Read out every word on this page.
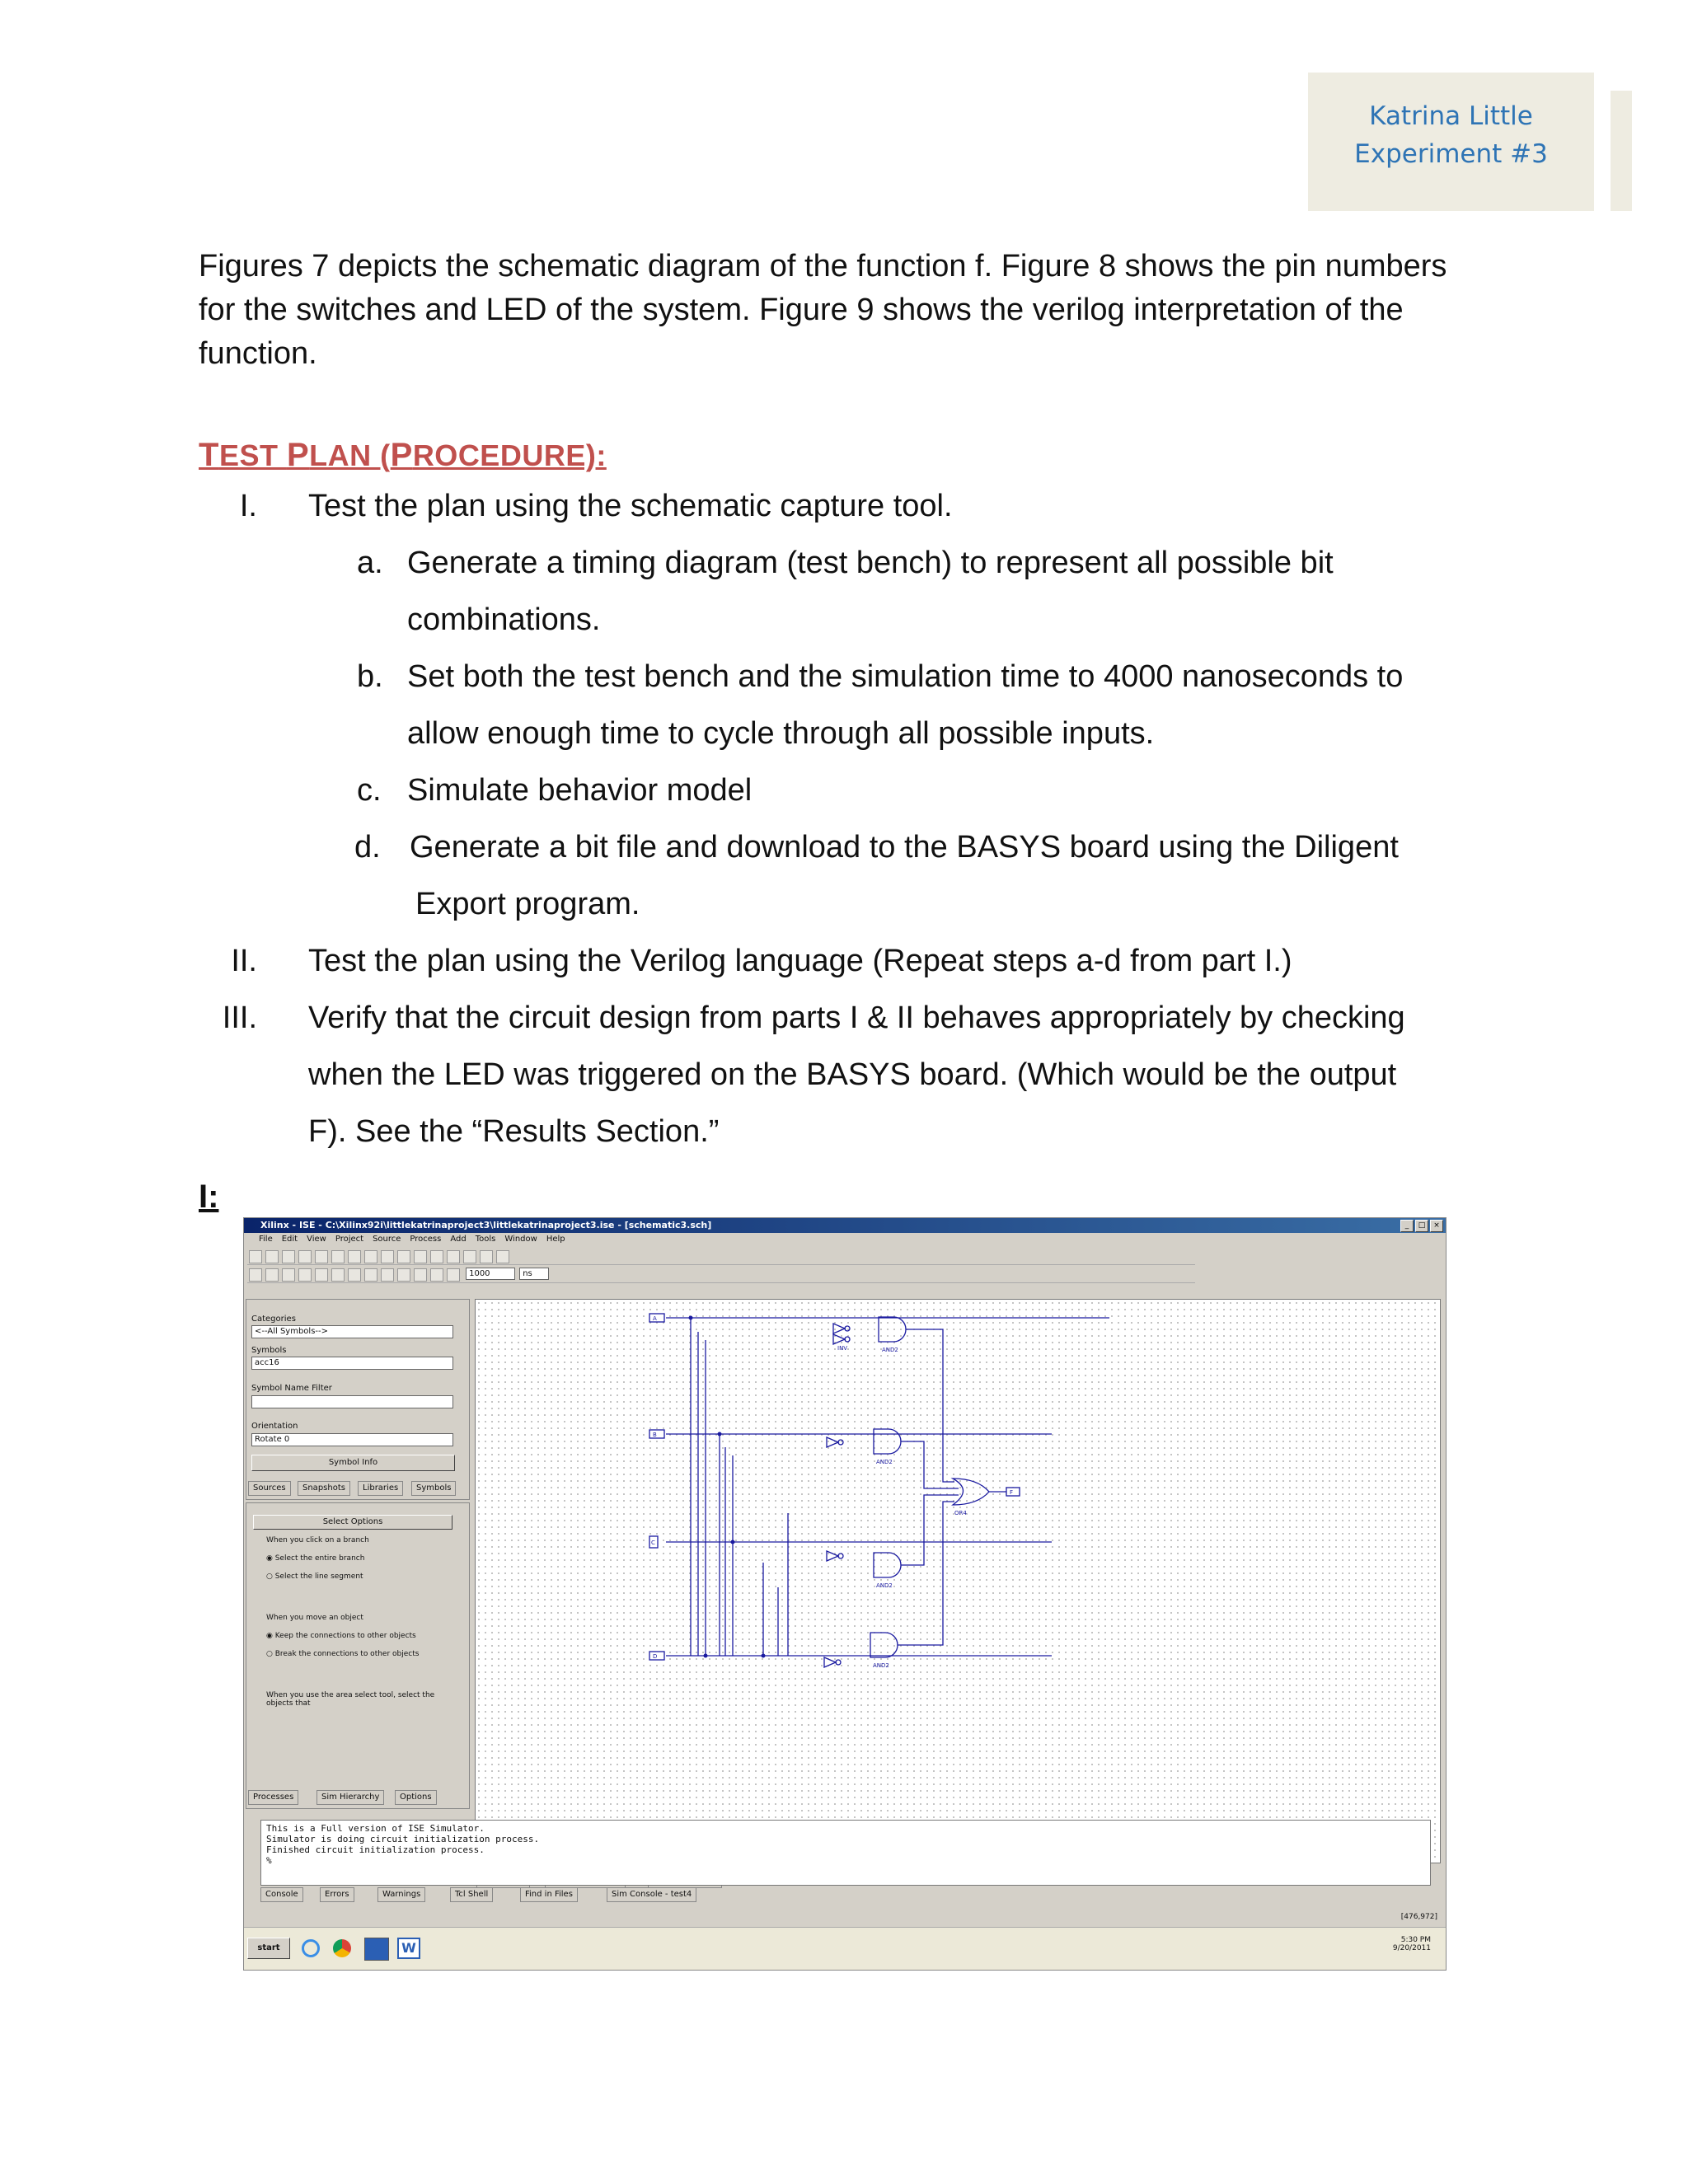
Katrina Little
Experiment #3
Figures 7 depicts the schematic diagram of the function f. Figure 8 shows the pin numbers for the switches and LED of the system. Figure 9 shows the verilog interpretation of the function.
TEST PLAN (PROCEDURE):
I. Test the plan using the schematic capture tool.
a. Generate a timing diagram (test bench) to represent all possible bit
combinations.
b. Set both the test bench and the simulation time to 4000 nanoseconds to
allow enough time to cycle through all possible inputs.
c. Simulate behavior model
d. Generate a bit file and download to the BASYS board using the Diligent
Export program.
II. Test the plan using the Verilog language (Repeat steps a-d from part I.)
III. Verify that the circuit design from parts I & II behaves appropriately by checking
when the LED was triggered on the BASYS board. (Which would be the output
F). See the “Results Section.”
I:
Xilinx - ISE - C:\Xilinx92i\littlekatrinaproject3\littlekatrinaproject3.ise - [schematic3.sch]	_	□	×
File Edit View Project Source Process Add Tools Window Help
1000	ns
Categories
<--All Symbols-->
Symbols
acc16
Symbol Name Filter
Orientation
Rotate 0
Symbol Info
Sources	Snapshots	Libraries	Symbols
Select Options
When you click on a branch
◉ Select the entire branch
○ Select the line segment
When you move an object
◉ Keep the connections to other objects
○ Break the connections to other objects
When you use the area select tool, select the objects that
Processes	Sim Hierarchy	Options
A
B
C
D
F
INV	AND2
AND2
AND2
AND2
OR4
This is a Full version of ISE Simulator.
Simulator is doing circuit initialization process.
Finished circuit initialization process.
%
Console	Errors	Warnings	Tcl Shell	Find in Files	Sim Console - test4
[476,972]
start	W	5:30 PM
9/20/2011
